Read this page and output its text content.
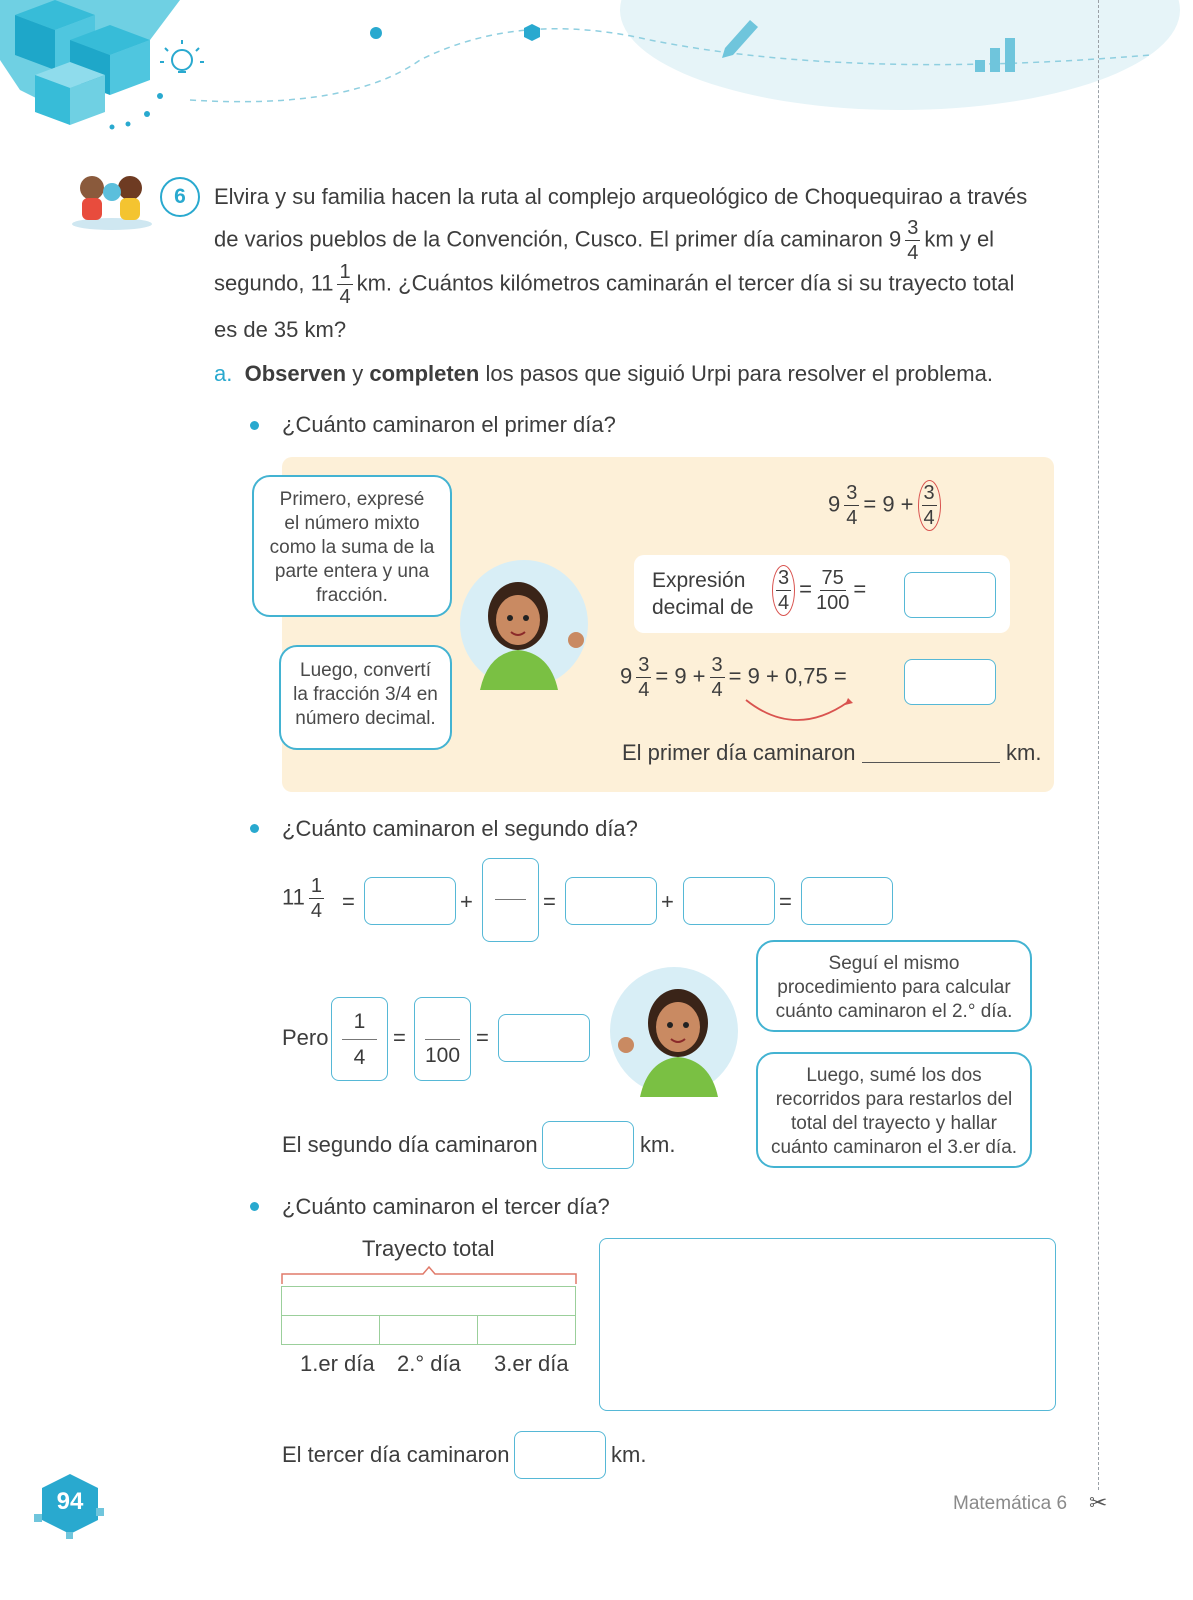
✂
6	Elvira y su familia hacen la ruta al complejo arqueológico de Choquequirao a través
de varios pueblos de la Convención, Cusco. El primer día caminaron $9 \frac{3}{4}$ km y el
segundo, $11 \frac{1}{4}$ km. ¿Cuántos kilómetros caminarán el tercer día si su trayecto total
es de 35 km?
a. Observen y completen los pasos que siguió Urpi para resolver el problema.
¿Cuánto caminaron el primer día?
Primero, expresé
el número mixto
como la suma de la
parte entera y una
fracción.
Luego, convertí
la fracción 3/4 en
número decimal.
$9 \frac{3}{4} = 9 + \frac{3}{4}$
Expresión
decimal de $\frac{3}{4} = \frac{75}{100}$ =
$9 \frac{3}{4} = 9 + \frac{3}{4} = 9 + 0,75$ =
El primer día caminaron	km.
¿Cuánto caminaron el segundo día?
$11 \frac{1}{4}$ =	+	=	+	=
Pero
1
4
=
100
=
Seguí el mismo
procedimiento para calcular
cuánto caminaron el 2.° día.
Luego, sumé los dos
recorridos para restarlos del
total del trayecto y hallar
cuánto caminaron el 3.er día.
El segundo día caminaron	km.
¿Cuánto caminaron el tercer día?
Trayecto total
1.er día 2.° día 3.er día
El tercer día caminaron	km.
94	Matemática 6
